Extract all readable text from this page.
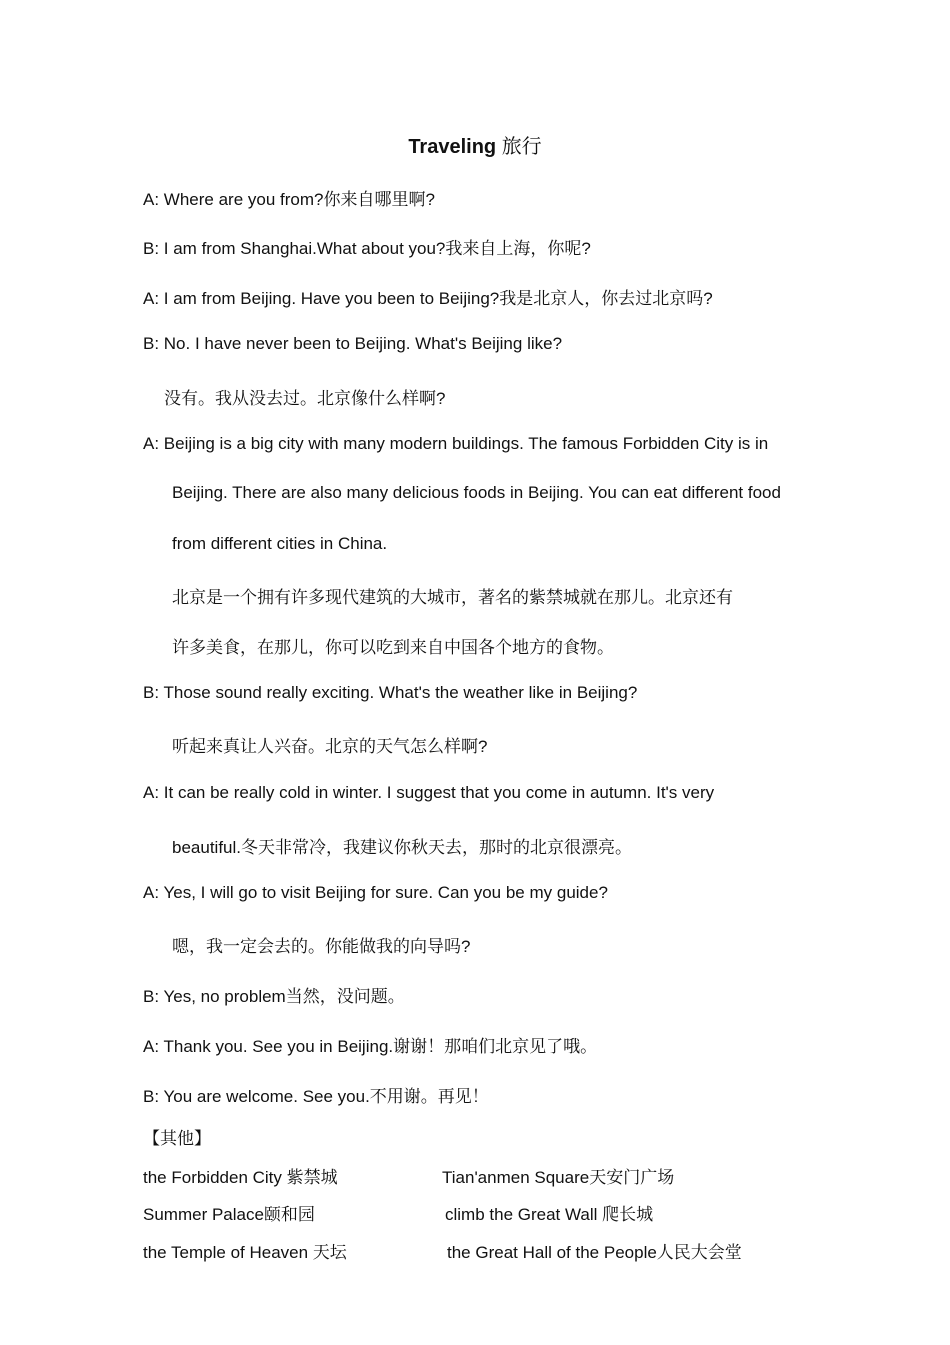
Traveling 旅行
A: Where are you from?你来自哪里啊?
B: I am from Shanghai.What about you?我来自上海，你呢?
A: I am from Beijing. Have you been to Beijing?我是北京人，你去过北京吗?
B: No. I have never been to Beijing. What's Beijing like?
没有。我从没去过。北京像什么样啊?
A: Beijing is a big city with many modern buildings. The famous Forbidden City is in
Beijing. There are also many delicious foods in Beijing. You can eat different food
from different cities in China.
北京是一个拥有许多现代建筑的大城市，著名的紫禁城就在那儿。北京还有
许多美食，在那儿，你可以吃到来自中国各个地方的食物。
B: Those sound really exciting. What's the weather like in Beijing?
听起来真让人兴奋。北京的天气怎么样啊?
A: It can be really cold in winter. I suggest that you come in autumn. It's very
beautiful.冬天非常冷，我建议你秋天去，那时的北京很漂亮。
A: Yes, I will go to visit Beijing for sure. Can you be my guide?
嗯，我一定会去的。你能做我的向导吗?
B: Yes, no problem当然，没问题。
A: Thank you. See you in Beijing.谢谢！那咱们北京见了哦。
B: You are welcome. See you.不用谢。再见！
【其他】
the Forbidden City 紫禁城	Tian'anmen Square天安门广场
Summer Palace颐和园	climb the Great Wall 爬长城
the Temple of Heaven 天坛	the Great Hall of the People人民大会堂
